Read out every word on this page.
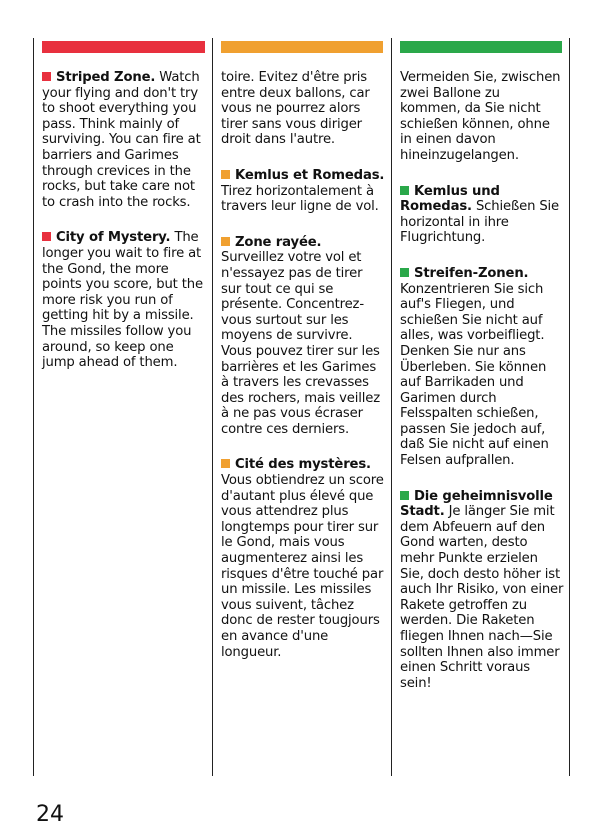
Striped Zone. Watch your flying and don't try to shoot everything you pass. Think mainly of surviving. You can fire at barriers and Garimes through crevices in the rocks, but take care not to crash into the rocks.

City of Mystery. The longer you wait to fire at the Gond, the more points you score, but the more risk you run of getting hit by a missile. The missiles follow you around, so keep one jump ahead of them.

toire. Evitez d'être pris entre deux ballons, car vous ne pourrez alors tirer sans vous diriger droit dans l'autre.

Kemlus et Romedas. Tirez horizontalement à travers leur ligne de vol.

Zone rayée. Surveillez votre vol et n'essayez pas de tirer sur tout ce qui se présente. Concentrez-vous surtout sur les moyens de survivre. Vous pouvez tirer sur les barrières et les Garimes à travers les crevasses des rochers, mais veillez à ne pas vous écraser contre ces derniers.

Cité des mystères. Vous obtiendrez un score d'autant plus élevé que vous attendrez plus longtemps pour tirer sur le Gond, mais vous augmenterez ainsi les risques d'être touché par un missile. Les missiles vous suivent, tâchez donc de rester tougjours en avance d'une longueur.

Vermeiden Sie, zwischen zwei Ballone zu kommen, da Sie nicht schießen können, ohne in einen davon hineinzugelangen.

Kemlus und Romedas. Schießen Sie horizontal in ihre Flugrichtung.

Streifen-Zonen. Konzentrieren Sie sich auf's Fliegen, und schießen Sie nicht auf alles, was vorbeifliegt. Denken Sie nur ans Überleben. Sie können auf Barrikaden und Garimen durch Felsspalten schießen, passen Sie jedoch auf, daß Sie nicht auf einen Felsen aufprallen.

Die geheimnisvolle Stadt. Je länger Sie mit dem Abfeuern auf den Gond warten, desto mehr Punkte erzielen Sie, doch desto höher ist auch Ihr Risiko, von einer Rakete getroffen zu werden. Die Raketen fliegen Ihnen nach—Sie sollten Ihnen also immer einen Schritt voraus sein!

24
